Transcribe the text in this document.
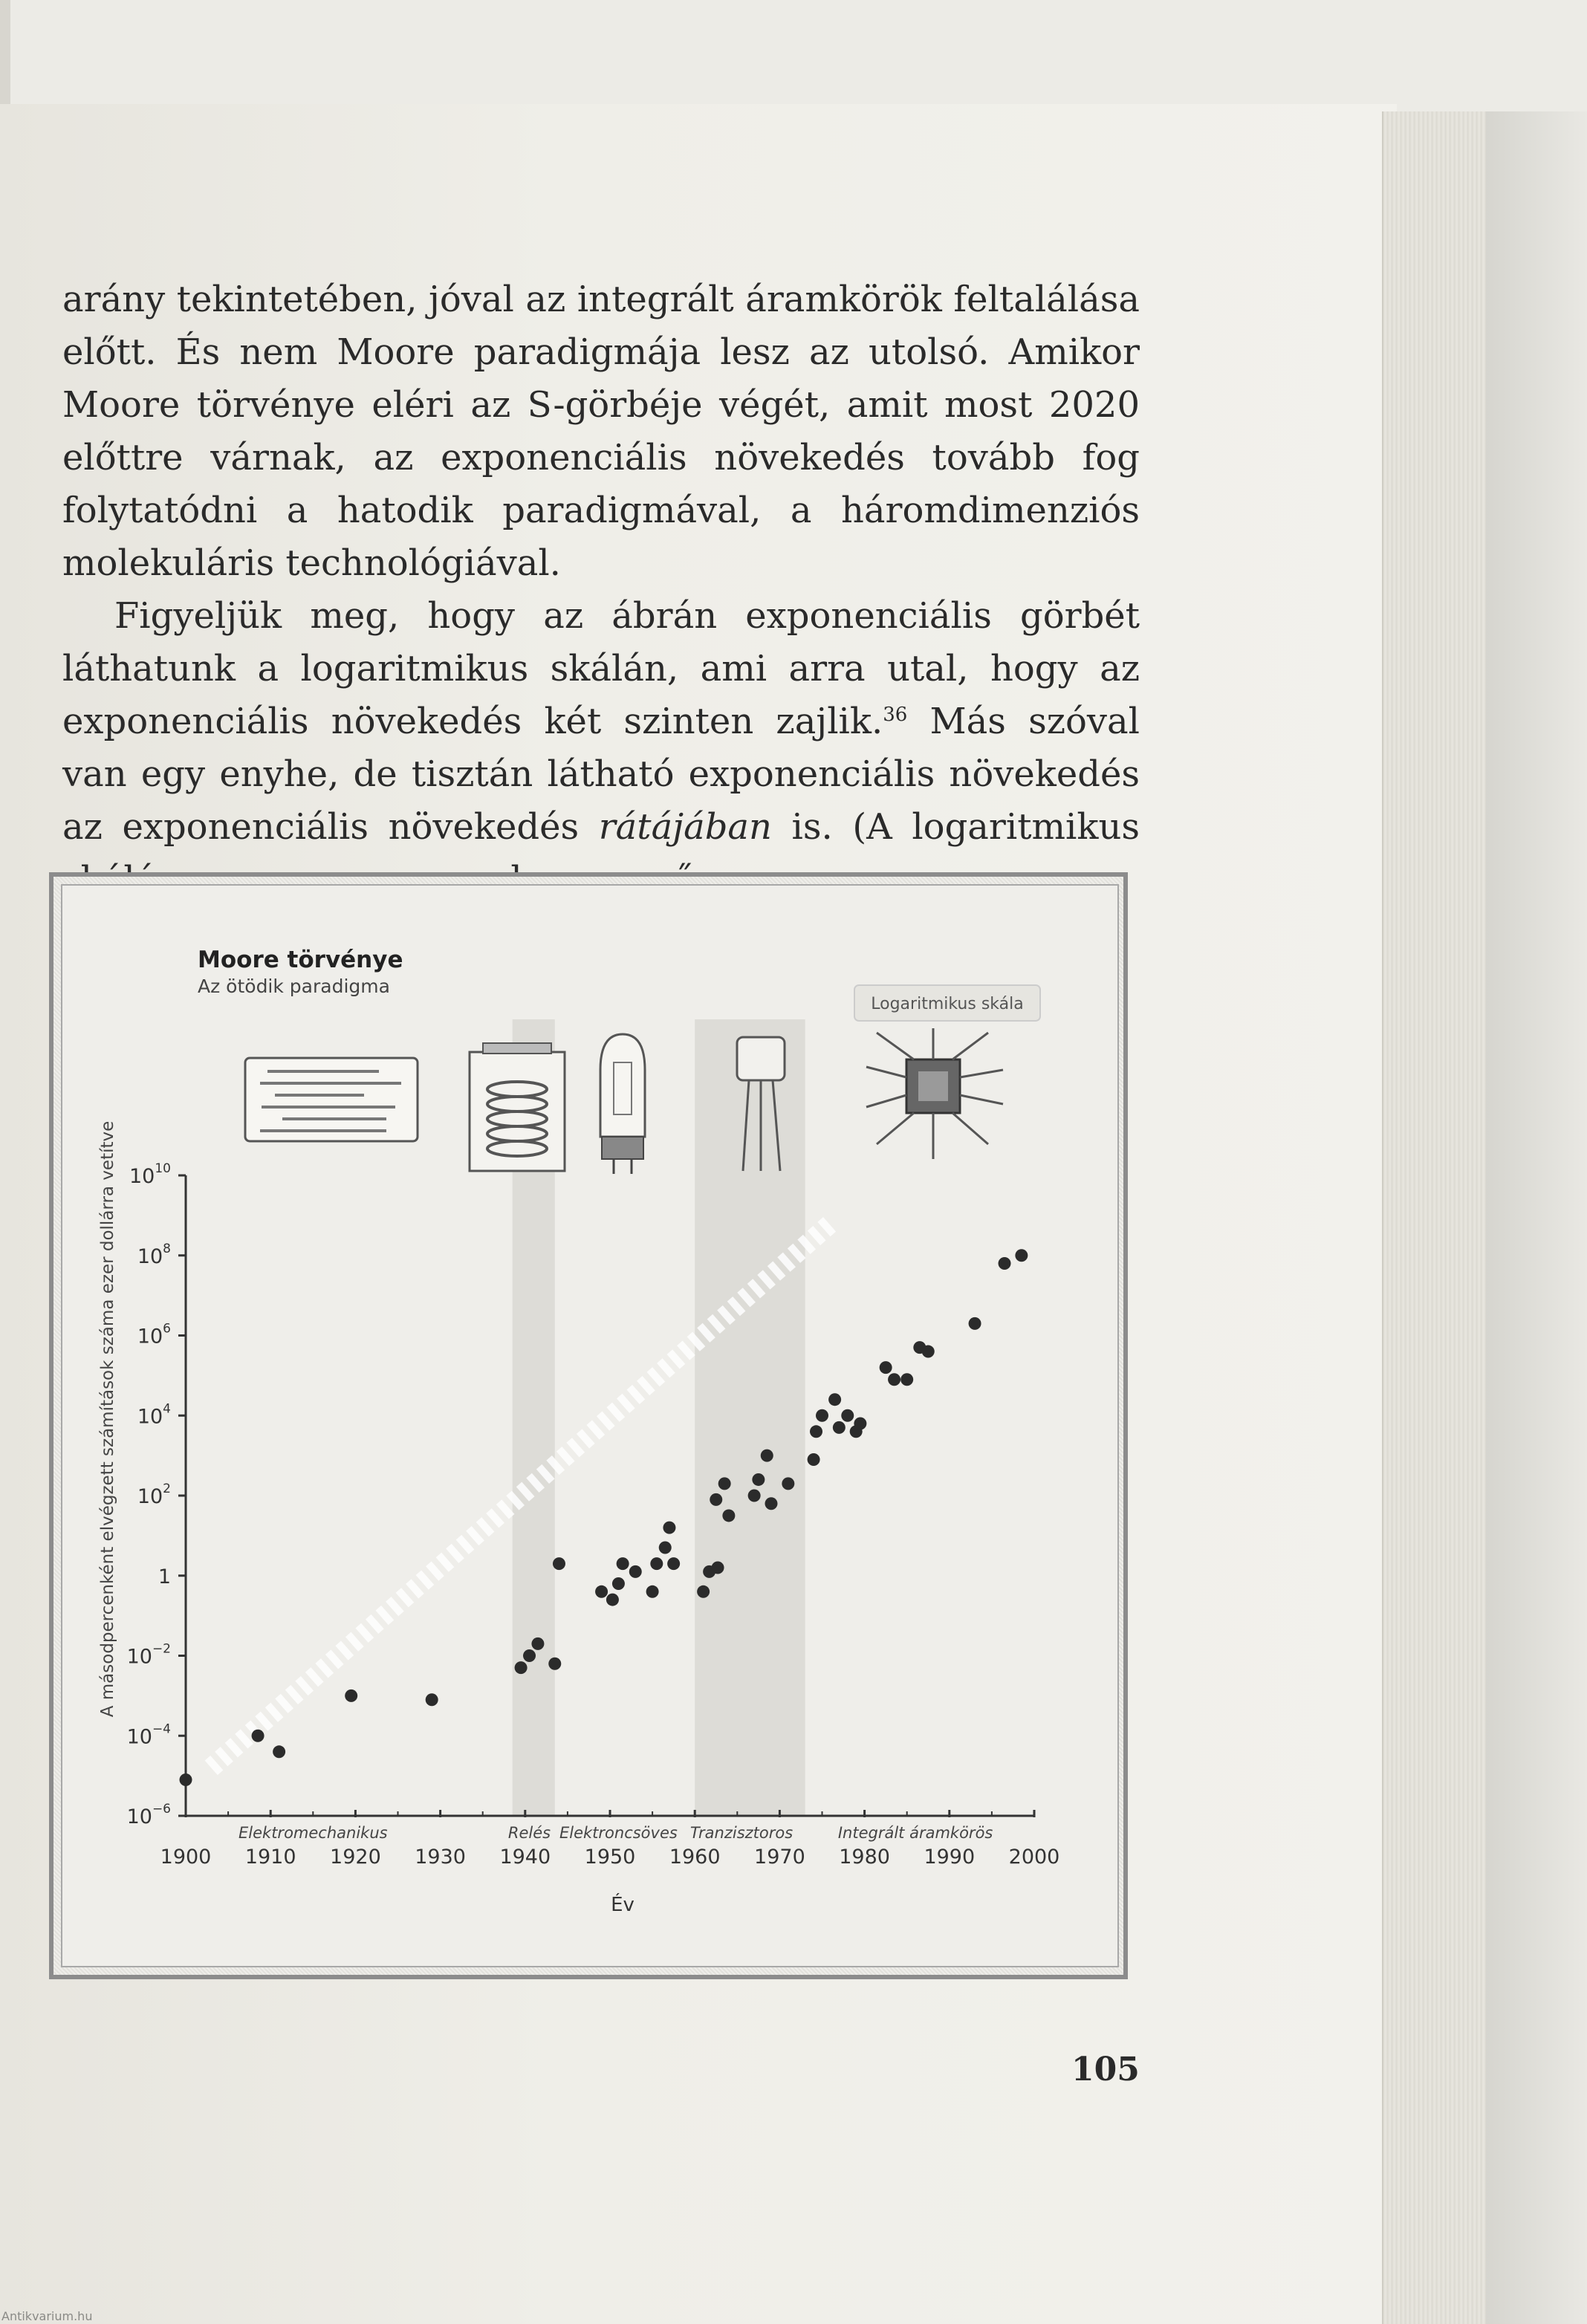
arány tekintetében, jóval az integrált áramkörök feltalálása előtt. És nem Moore paradigmája lesz az utolsó. Amikor Moore törvénye eléri az S-görbéje végét, amit most 2020 előttre várnak, az exponenciális növekedés tovább fog folytatódni a hatodik paradigmával, a háromdimenziós molekuláris technológiával.

Figyeljük meg, hogy az ábrán exponenciális görbét láthatunk a logaritmikus skálán, ami arra utal, hogy az exponenciális növekedés két szinten zajlik.$^{36}$ Más szóval van egy enyhe, de tisztán látható exponenciális növekedés az exponenciális növekedés rátájában is. (A logaritmikus

Moore törvénye
Az ötödik paradigma
Logaritmikus skála
A másodpercenként elvégzett számítások száma ezer dollárra vetítve
Év
$10^{-6}$
$10^{-4}$
$10^{-2}$
1
$10^2$
$10^4$
$10^6$
$10^8$
$10^{10}$
1900 1910 1920 1930 1940 1950 1960 1970 1980 1990 2000
Elektromechanikus	Relés Elektroncsöves Tranzisztoros	Integrált áramkörös
105
Antikvarium.hu
